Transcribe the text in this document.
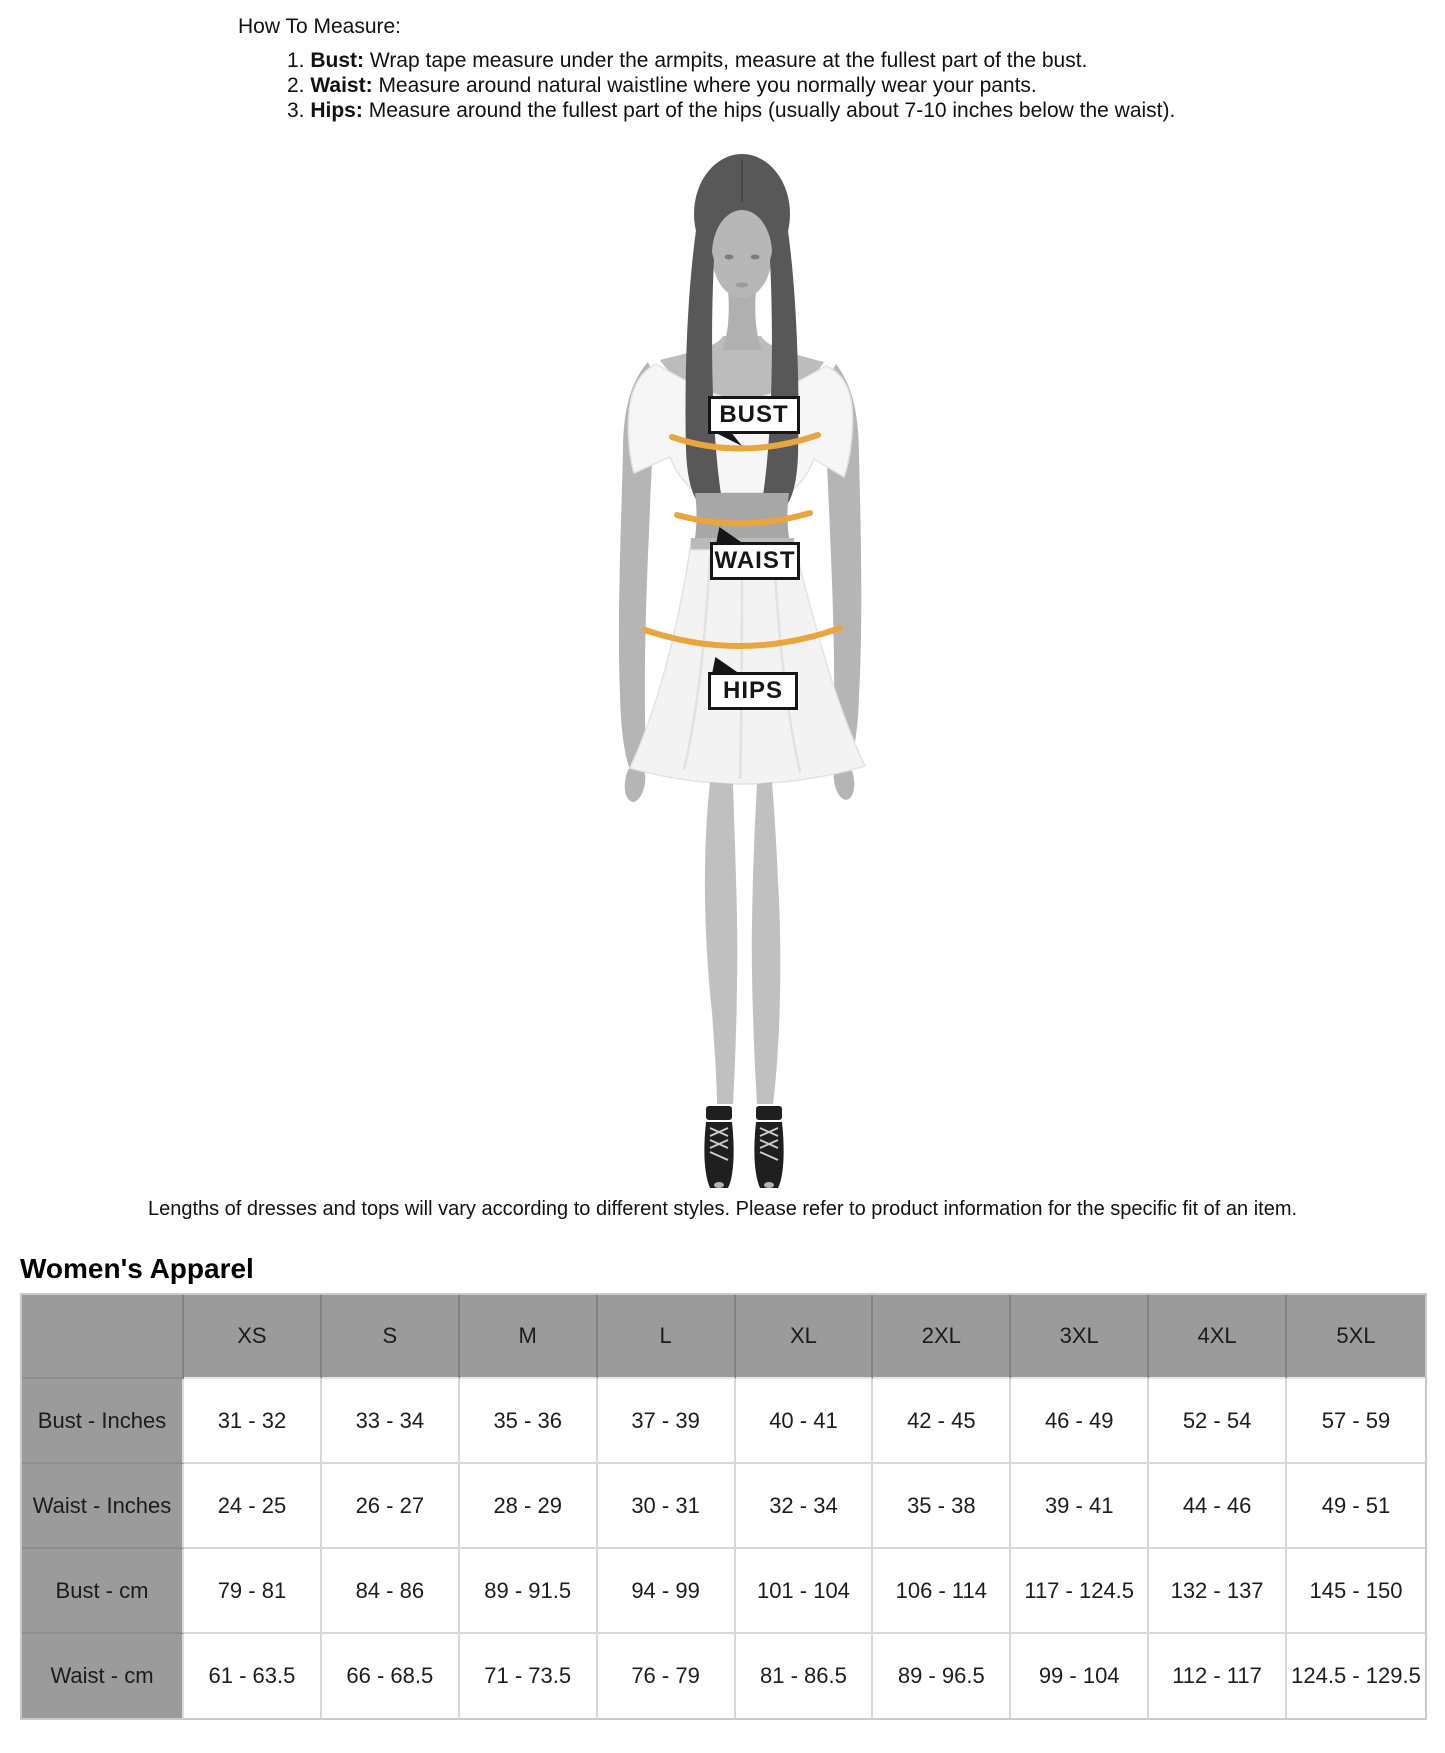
How To Measure:
1. Bust: Wrap tape measure under the armpits, measure at the fullest part of the bust.
2. Waist: Measure around natural waistline where you normally wear your pants.
3. Hips: Measure around the fullest part of the hips (usually about 7-10 inches below the waist).
BUST
WAIST
HIPS
Lengths of dresses and tops will vary according to different styles. Please refer to product information for the specific fit of an item.
Women's Apparel
	XS	S	M	L	XL	2XL	3XL	4XL	5XL
Bust - Inches	31 - 32	33 - 34	35 - 36	37 - 39	40 - 41	42 - 45	46 - 49	52 - 54	57 - 59
Waist - Inches	24 - 25	26 - 27	28 - 29	30 - 31	32 - 34	35 - 38	39 - 41	44 - 46	49 - 51
Bust - cm	79 - 81	84 - 86	89 - 91.5	94 - 99	101 - 104	106 - 114	117 - 124.5	132 - 137	145 - 150
Waist - cm	61 - 63.5	66 - 68.5	71 - 73.5	76 - 79	81 - 86.5	89 - 96.5	99 - 104	112 - 117	124.5 - 129.5
